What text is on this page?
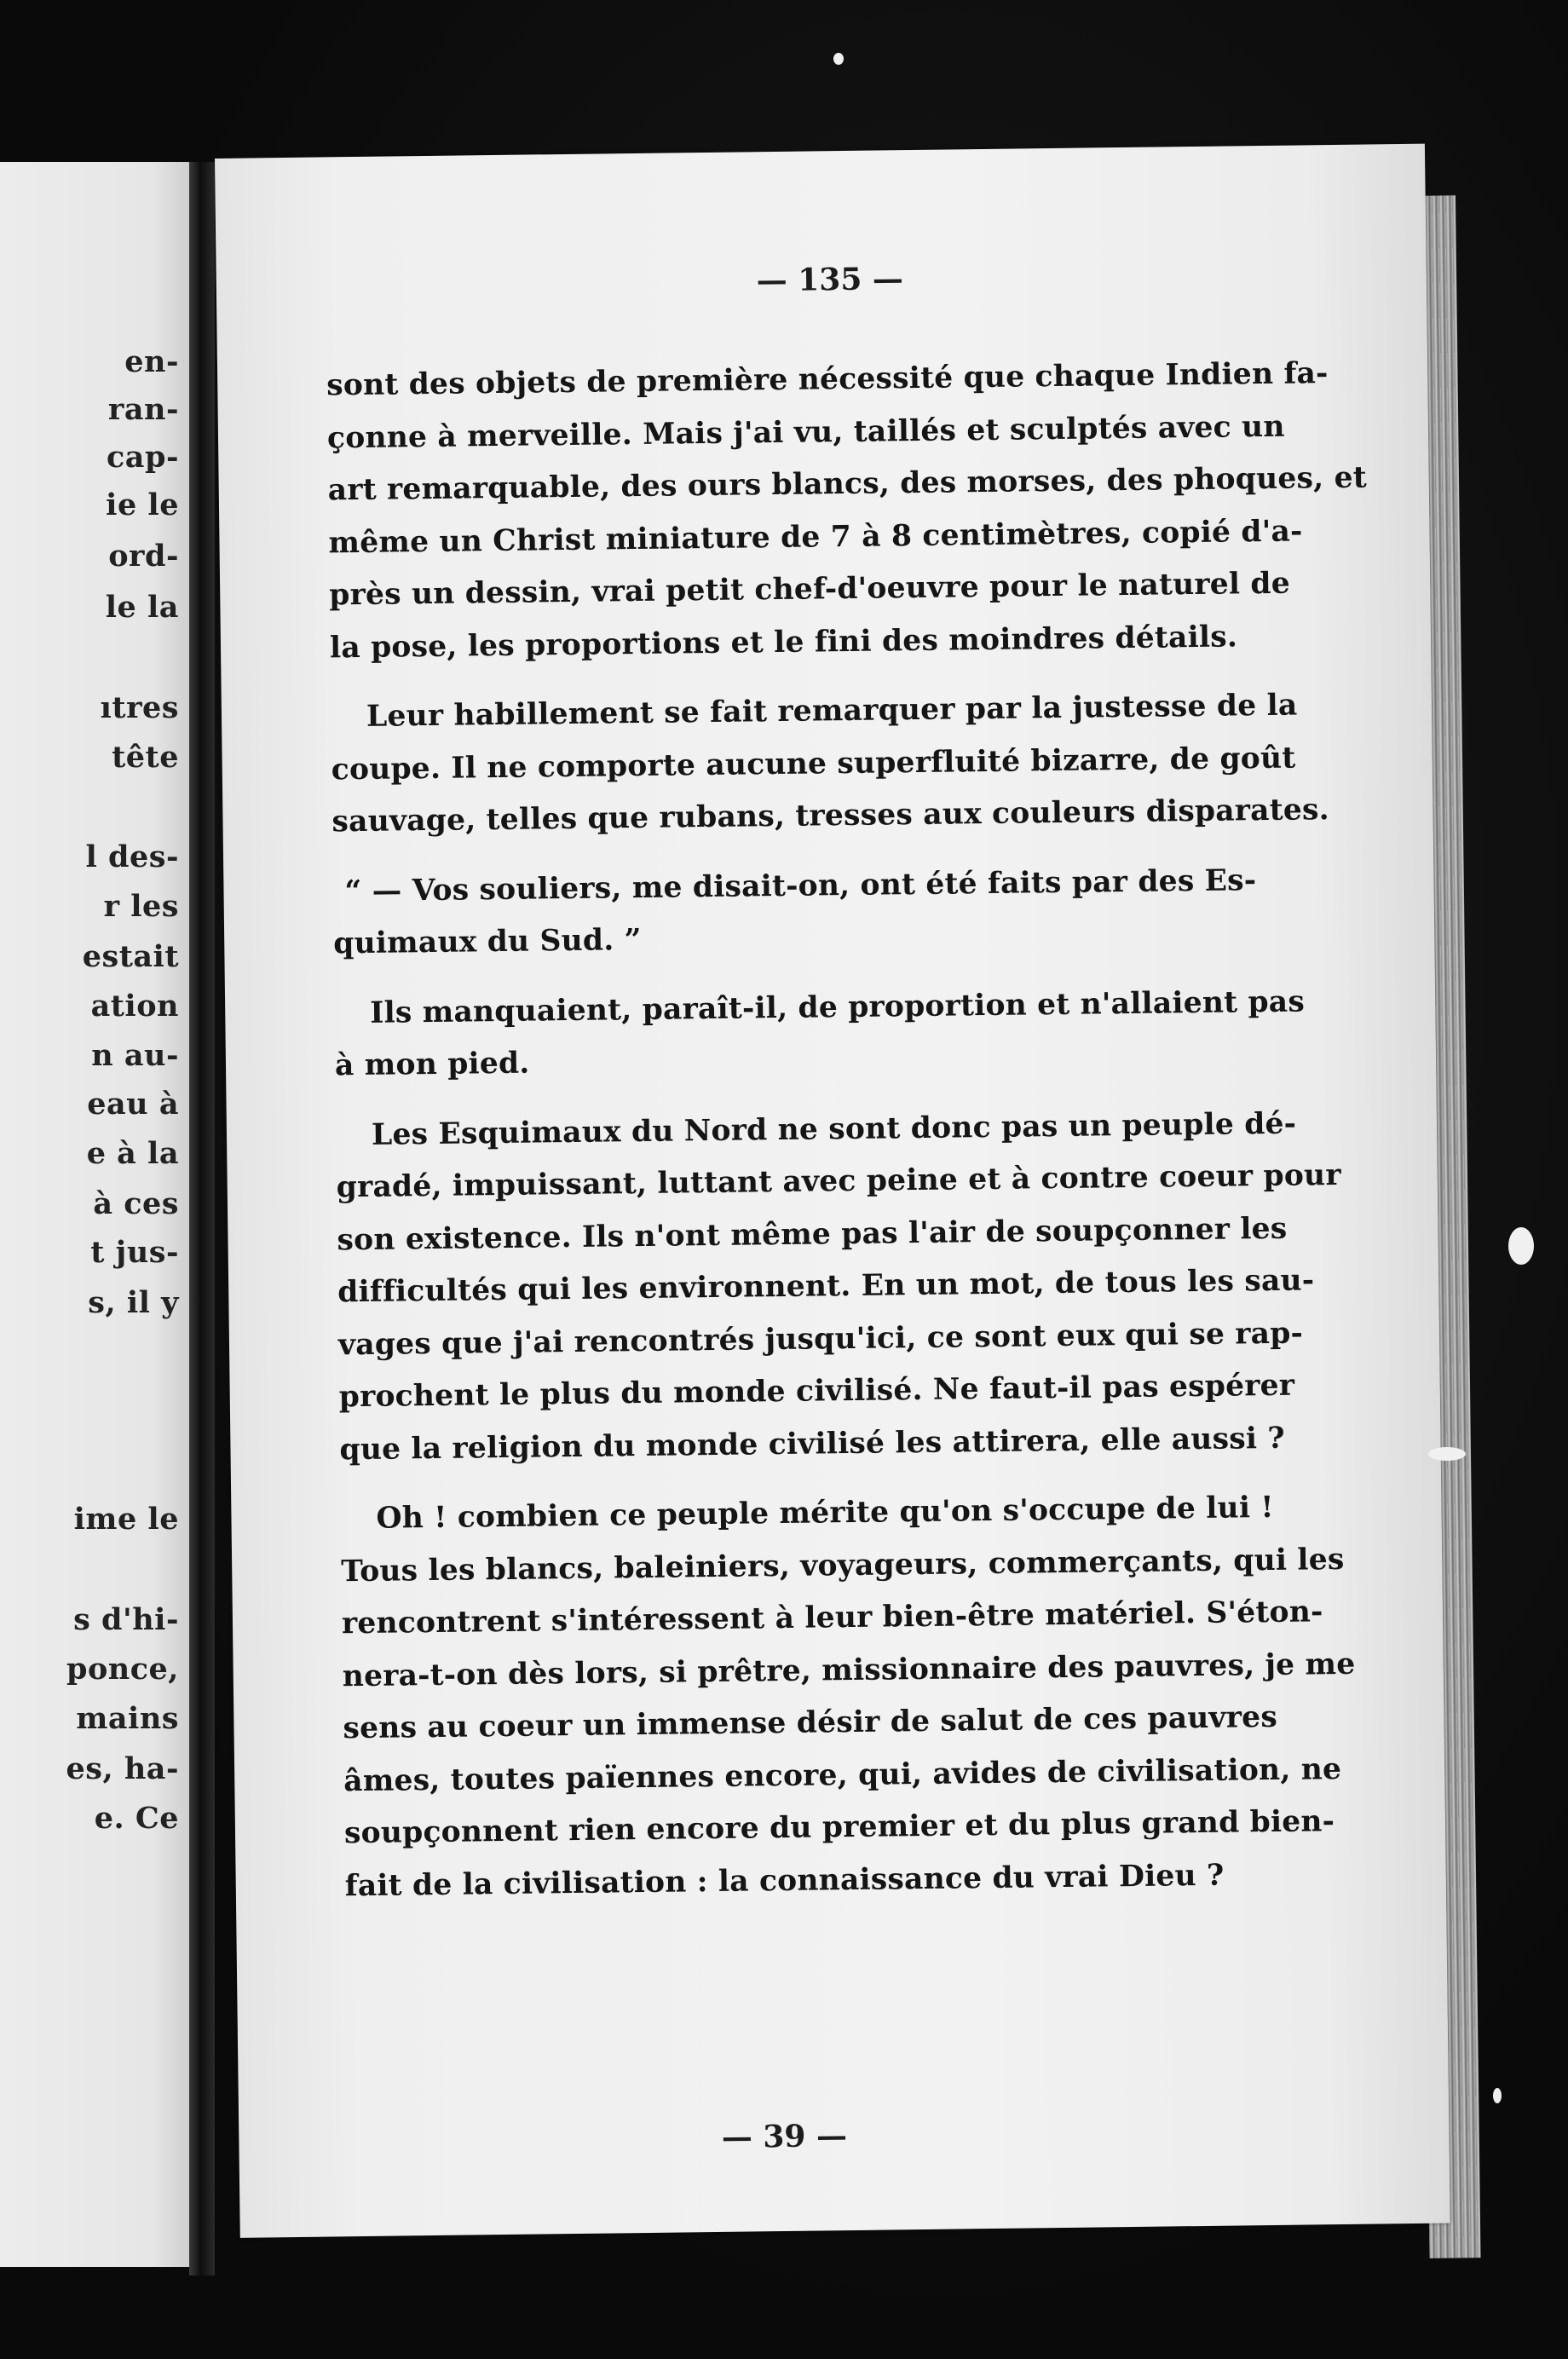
en-
ran-
cap-
ie le
ord-
le la
ıtres
tête
l des-
r les
estait
ation
n au-
eau à
e à la
à ces
t jus-
s, il y
ime le
s d'hi-
ponce,
mains
es, ha-
e. Ce
— 135 —
sont des objets de première nécessité que chaque Indien fa-
çonne à merveille. Mais j'ai vu, taillés et sculptés avec un
art remarquable, des ours blancs, des morses, des phoques, et
même un Christ miniature de 7 à 8 centimètres, copié d'a-
près un dessin, vrai petit chef-d'oeuvre pour le naturel de
la pose, les proportions et le fini des moindres détails.
Leur habillement se fait remarquer par la justesse de la
coupe. Il ne comporte aucune superfluité bizarre, de goût
sauvage, telles que rubans, tresses aux couleurs disparates.
“ — Vos souliers, me disait-on, ont été faits par des Es-
quimaux du Sud. ”
Ils manquaient, paraît-il, de proportion et n'allaient pas
à mon pied.
Les Esquimaux du Nord ne sont donc pas un peuple dé-
gradé, impuissant, luttant avec peine et à contre coeur pour
son existence. Ils n'ont même pas l'air de soupçonner les
difficultés qui les environnent. En un mot, de tous les sau-
vages que j'ai rencontrés jusqu'ici, ce sont eux qui se rap-
prochent le plus du monde civilisé. Ne faut-il pas espérer
que la religion du monde civilisé les attirera, elle aussi ?
Oh ! combien ce peuple mérite qu'on s'occupe de lui !
Tous les blancs, baleiniers, voyageurs, commerçants, qui les
rencontrent s'intéressent à leur bien-être matériel. S'éton-
nera-t-on dès lors, si prêtre, missionnaire des pauvres, je me
sens au coeur un immense désir de salut de ces pauvres
âmes, toutes païennes encore, qui, avides de civilisation, ne
soupçonnent rien encore du premier et du plus grand bien-
fait de la civilisation : la connaissance du vrai Dieu ?
— 39 —
